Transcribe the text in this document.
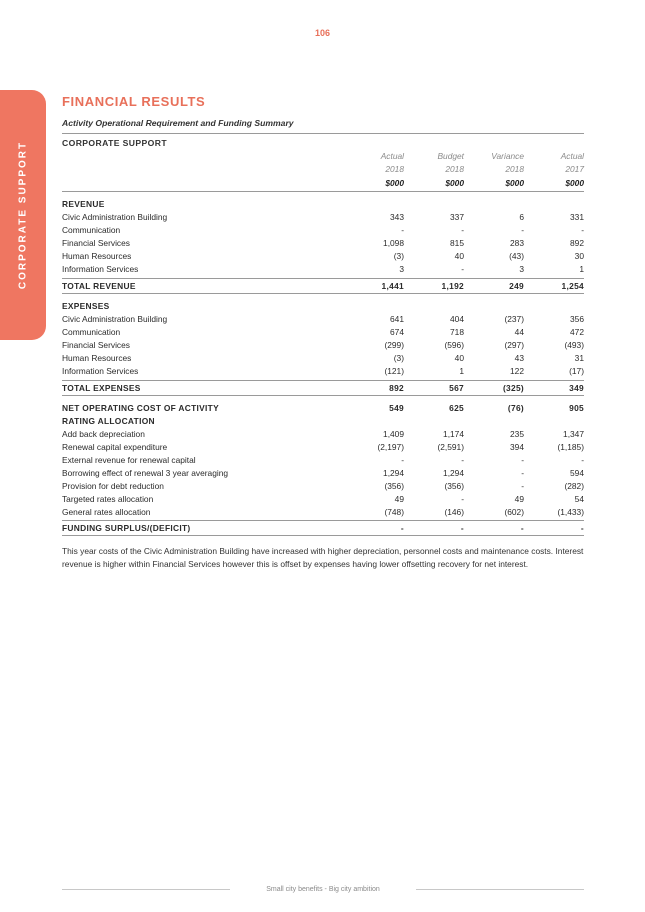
106
CORPORATE SUPPORT
FINANCIAL RESULTS
Activity Operational Requirement and Funding Summary
CORPORATE SUPPORT
Actual	Budget	Variance	Actual
2018	2018	2018	2017
$000	$000	$000	$000
REVENUE
Civic Administration Building	343	337	6	331
Communication	-	-	-	-
Financial Services	1,098	815	283	892
Human Resources	(3)	40	(43)	30
Information Services	3	-	3	1
TOTAL REVENUE	1,441	1,192	249	1,254
EXPENSES
Civic Administration Building	641	404	(237)	356
Communication	674	718	44	472
Financial Services	(299)	(596)	(297)	(493)
Human Resources	(3)	40	43	31
Information Services	(121)	1	122	(17)
TOTAL EXPENSES	892	567	(325)	349
NET OPERATING COST OF ACTIVITY	549	625	(76)	905
RATING ALLOCATION
Add back depreciation	1,409	1,174	235	1,347
Renewal capital expenditure	(2,197)	(2,591)	394	(1,185)
External revenue for renewal capital	-	-	-	-
Borrowing effect of renewal 3 year averaging	1,294	1,294	-	594
Provision for debt reduction	(356)	(356)	-	(282)
Targeted rates allocation	49	-	49	54
General rates allocation	(748)	(146)	(602)	(1,433)
FUNDING SURPLUS/(DEFICIT)	-	-	-	-
This year costs of the Civic Administration Building have increased with higher depreciation, personnel costs and maintenance costs. Interest revenue is higher within Financial Services however this is offset by expenses having lower offsetting recovery for net interest.
Small city benefits - Big city ambition
